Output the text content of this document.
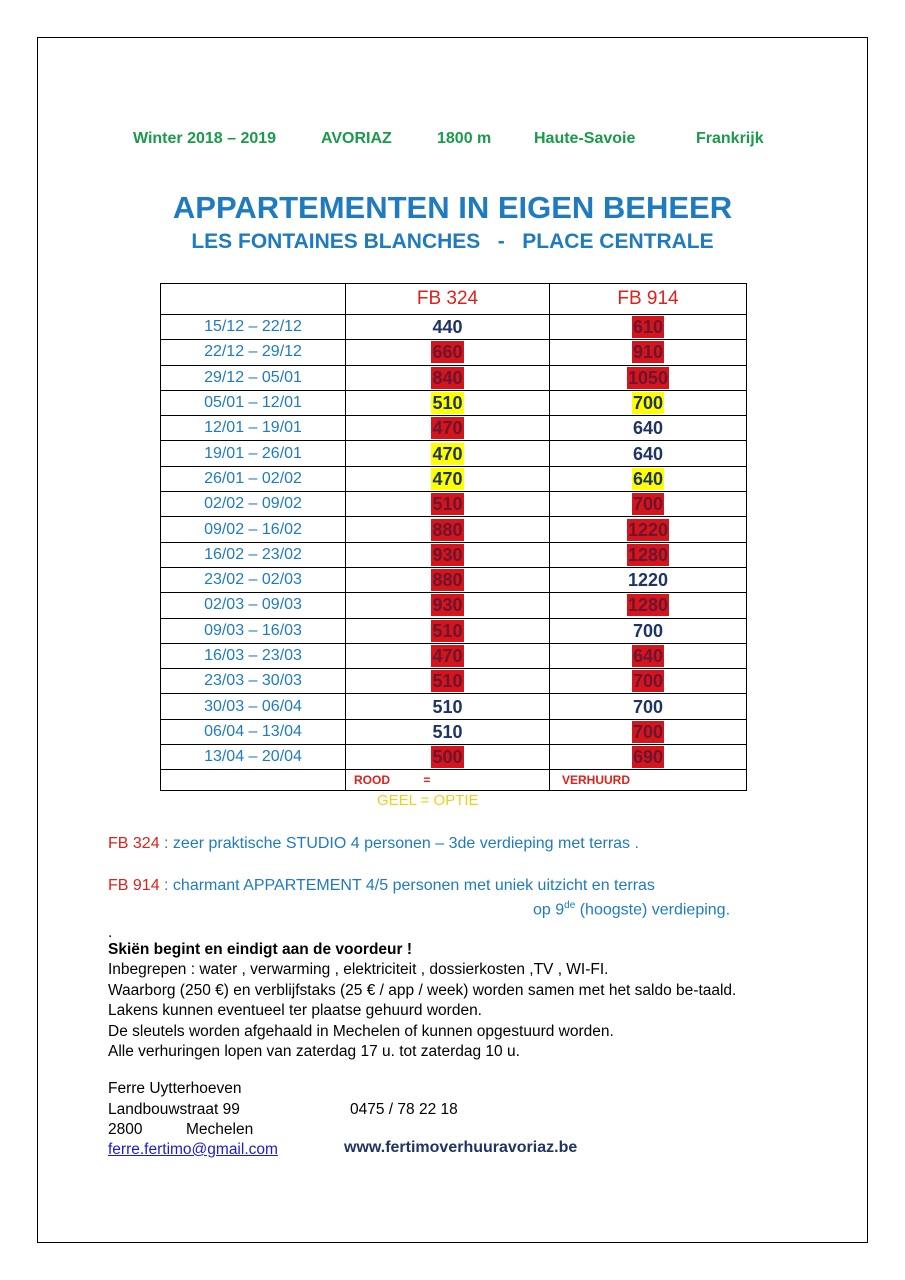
Winter 2018 – 2019	AVORIAZ	1800 m	Haute-Savoie	Frankrijk
APPARTEMENTEN IN EIGEN BEHEER
LES FONTAINES BLANCHES   -   PLACE CENTRALE
	FB 324	FB 914
15/12 – 22/12	440	610
22/12 – 29/12	660	910
29/12 – 05/01	840	1050
05/01 – 12/01	510	700
12/01 – 19/01	470	640
19/01 – 26/01	470	640
26/01 – 02/02	470	640
02/02 – 09/02	510	700
09/02 – 16/02	880	1220
16/02 – 23/02	930	1280
23/02 – 02/03	880	1220
02/03 – 09/03	930	1280
09/03 – 16/03	510	700
16/03 – 23/03	470	640
23/03 – 30/03	510	700
30/03 – 06/04	510	700
06/04 – 13/04	510	700
13/04 – 20/04	500	690
	ROOD          =	VERHUURD
GEEL = OPTIE
FB 324 : zeer praktische STUDIO 4 personen – 3de verdieping met terras .
FB 914 : charmant APPARTEMENT 4/5 personen met uniek uitzicht en terras
op 9de (hoogste) verdieping.
.
Skiën begint en eindigt aan de voordeur !
Inbegrepen : water , verwarming , elektriciteit , dossierkosten ,TV , WI-FI.
Waarborg (250 €) en verblijfstaks (25 € / app / week) worden samen met het saldo be-taald.
Lakens kunnen eventueel ter plaatse gehuurd worden.
De sleutels worden afgehaald in Mechelen of kunnen opgestuurd worden.
Alle verhuringen lopen van zaterdag 17 u. tot zaterdag 10 u.
Ferre Uytterhoeven
Landbouwstraat 99	0475 / 78 22 18
2800	Mechelen
ferre.fertimo@gmail.com	www.fertimoverhuuravoriaz.be
